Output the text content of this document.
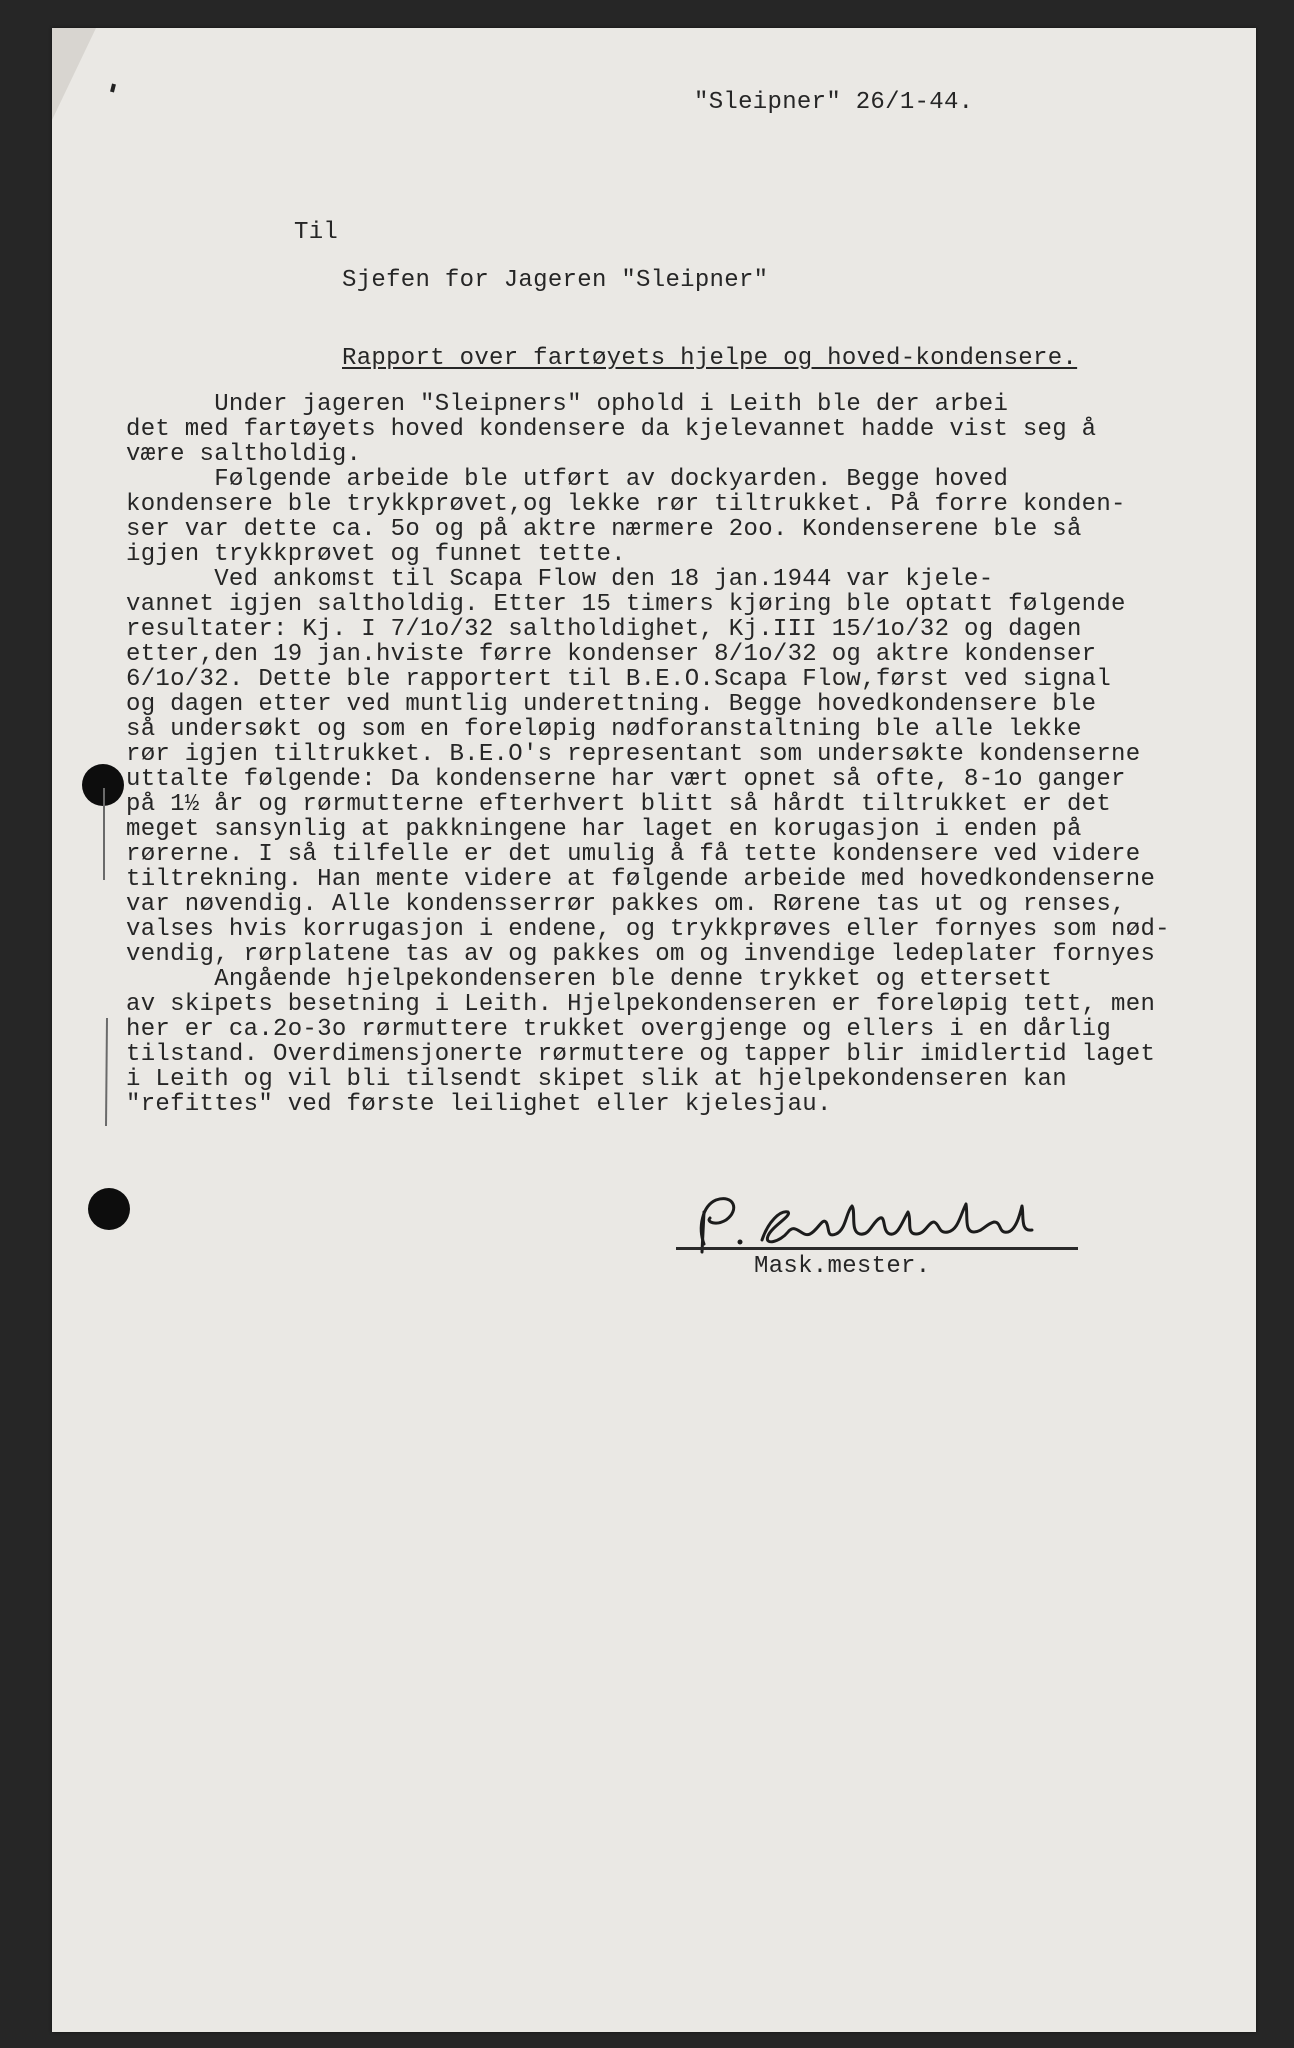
"Sleipner" 26/1-44.

Til

Sjefen for Jageren "Sleipner"

Rapport over fartøyets hjelpe og hoved-kondensere.

Under jageren "Sleipners" ophold i Leith ble der arbei

det med fartøyets hoved kondensere da kjelevannet hadde vist seg å

være saltholdig.

Følgende arbeide ble utført av dockyarden. Begge hoved

kondensere ble trykkprøvet,og lekke rør tiltrukket. På forre konden-

ser var dette ca. 5o og på aktre nærmere 2oo. Kondenserene ble så

igjen trykkprøvet og funnet tette.

Ved ankomst til Scapa Flow den 18 jan.1944 var kjele-

vannet igjen saltholdig. Etter 15 timers kjøring ble optatt følgende

resultater: Kj. I 7/1o/32 saltholdighet, Kj.III 15/1o/32 og dagen

etter,den 19 jan.hviste førre kondenser 8/1o/32 og aktre kondenser

6/1o/32. Dette ble rapportert til B.E.O.Scapa Flow,først ved signal

og dagen etter ved muntlig underettning. Begge hovedkondensere ble

så undersøkt og som en foreløpig nødforanstaltning ble alle lekke

rør igjen tiltrukket. B.E.O's representant som undersøkte kondenserne

uttalte følgende: Da kondenserne har vært opnet så ofte, 8-1o ganger

på 1½ år og rørmutterne efterhvert blitt så hårdt tiltrukket er det

meget sansynlig at pakkningene har laget en korugasjon i enden på

rørerne. I så tilfelle er det umulig å få tette kondensere ved videre

tiltrekning. Han mente videre at følgende arbeide med hovedkondenserne

var nøvendig. Alle kondensserrør pakkes om. Rørene tas ut og renses,

valses hvis korrugasjon i endene, og trykkprøves eller fornyes som nød-

vendig, rørplatene tas av og pakkes om og invendige ledeplater fornyes

Angående hjelpekondenseren ble denne trykket og ettersett

av skipets besetning i Leith. Hjelpekondenseren er foreløpig tett, men

her er ca.2o-3o rørmuttere trukket overgjenge og ellers i en dårlig

tilstand. Overdimensjonerte rørmuttere og tapper blir imidlertid laget

i Leith og vil bli tilsendt skipet slik at hjelpekondenseren kan

"refittes" ved første leilighet eller kjelesjau.

Mask.mester.
